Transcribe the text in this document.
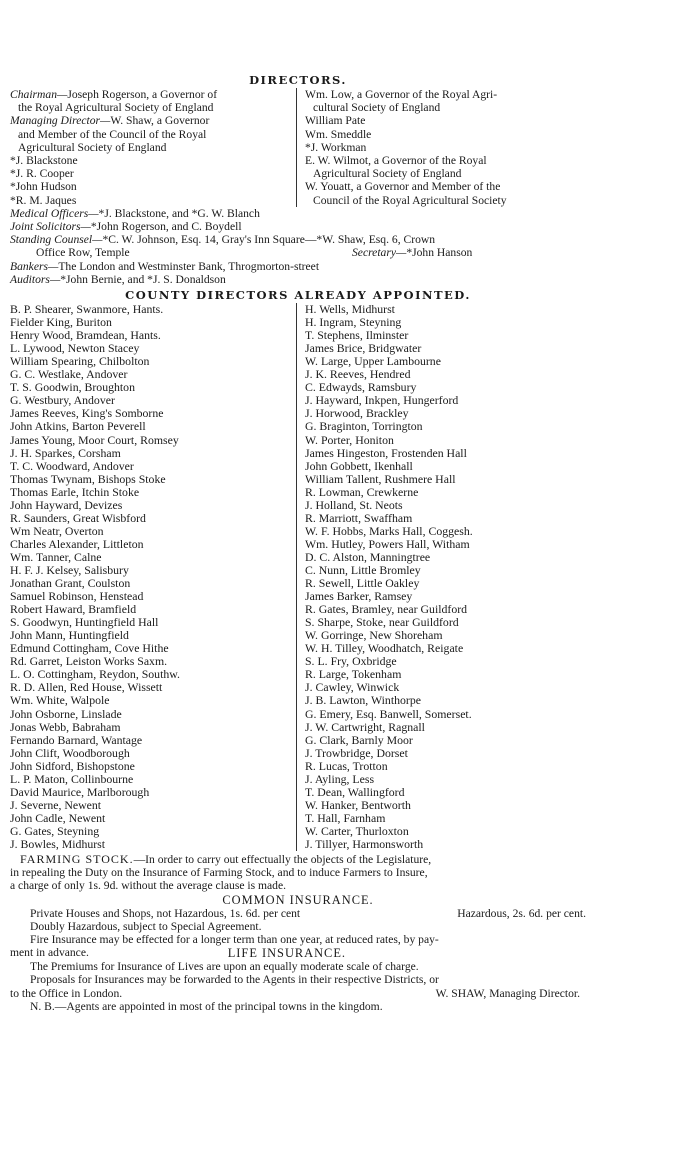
DIRECTORS.
Chairman—Joseph Rogerson, a Governor of
the Royal Agricultural Society of England
Managing Director—W. Shaw, a Governor
and Member of the Council of the Royal
Agricultural Society of England
*J. Blackstone
*J. R. Cooper
*John Hudson
*R. M. Jaques
Wm. Low, a Governor of the Royal Agri-
cultural Society of England
William Pate
Wm. Smeddle
*J. Workman
E. W. Wilmot, a Governor of the Royal
Agricultural Society of England
W. Youatt, a Governor and Member of the
Council of the Royal Agricultural Society
Medical Officers—*J. Blackstone, and *G. W. Blanch
Joint Solicitors—*John Rogerson, and C. Boydell
Standing Counsel—*C. W. Johnson, Esq. 14, Gray's Inn Square—*W. Shaw, Esq. 6, Crown
Office Row, Temple	Secretary—*John Hanson
Bankers—The London and Westminster Bank, Throgmorton-street
Auditors—*John Bernie, and *J. S. Donaldson
COUNTY DIRECTORS ALREADY APPOINTED.
B. P. Shearer, Swanmore, Hants.
Fielder King, Buriton
Henry Wood, Bramdean, Hants.
L. Lywood, Newton Stacey
William Spearing, Chilbolton
G. C. Westlake, Andover
T. S. Goodwin, Broughton
G. Westbury, Andover
James Reeves, King's Somborne
John Atkins, Barton Peverell
James Young, Moor Court, Romsey
J. H. Sparkes, Corsham
T. C. Woodward, Andover
Thomas Twynam, Bishops Stoke
Thomas Earle, Itchin Stoke
John Hayward, Devizes
R. Saunders, Great Wisbford
Wm Neatr, Overton
Charles Alexander, Littleton
Wm. Tanner, Calne
H. F. J. Kelsey, Salisbury
Jonathan Grant, Coulston
Samuel Robinson, Henstead
Robert Haward, Bramfield
S. Goodwyn, Huntingfield Hall
John Mann, Huntingfield
Edmund Cottingham, Cove Hithe
Rd. Garret, Leiston Works Saxm.
L. O. Cottingham, Reydon, Southw.
R. D. Allen, Red House, Wissett
Wm. White, Walpole
John Osborne, Linslade
Jonas Webb, Babraham
Fernando Barnard, Wantage
John Clift, Woodborough
John Sidford, Bishopstone
L. P. Maton, Collinbourne
David Maurice, Marlborough
J. Severne, Newent
John Cadle, Newent
G. Gates, Steyning
J. Bowles, Midhurst
H. Wells, Midhurst
H. Ingram, Steyning
T. Stephens, Ilminster
James Brice, Bridgwater
W. Large, Upper Lambourne
J. K. Reeves, Hendred
C. Edwayds, Ramsbury
J. Hayward, Inkpen, Hungerford
J. Horwood, Brackley
G. Braginton, Torrington
W. Porter, Honiton
James Hingeston, Frostenden Hall
John Gobbett, Ikenhall
William Tallent, Rushmere Hall
R. Lowman, Crewkerne
J. Holland, St. Neots
R. Marriott, Swaffham
W. F. Hobbs, Marks Hall, Coggesh.
Wm. Hutley, Powers Hall, Witham
D. C. Alston, Manningtree
C. Nunn, Little Bromley
R. Sewell, Little Oakley
James Barker, Ramsey
R. Gates, Bramley, near Guildford
S. Sharpe, Stoke, near Guildford
W. Gorringe, New Shoreham
W. H. Tilley, Woodhatch, Reigate
S. L. Fry, Oxbridge
R. Large, Tokenham
J. Cawley, Winwick
J. B. Lawton, Winthorpe
G. Emery, Esq. Banwell, Somerset.
J. W. Cartwright, Ragnall
G. Clark, Barnly Moor
J. Trowbridge, Dorset
R. Lucas, Trotton
J. Ayling, Less
T. Dean, Wallingford
W. Hanker, Bentworth
T. Hall, Farnham
W. Carter, Thurloxton
J. Tillyer, Harmonsworth
FARMING STOCK.—In order to carry out effectually the objects of the Legislature,
in repealing the Duty on the Insurance of Farming Stock, and to induce Farmers to Insure,
a charge of only 1s. 9d. without the average clause is made.
COMMON INSURANCE.
Private Houses and Shops, not Hazardous, 1s. 6d. per cent	Hazardous, 2s. 6d. per cent.
Doubly Hazardous, subject to Special Agreement.
Fire Insurance may be effected for a longer term than one year, at reduced rates, by pay-
ment in advance.	LIFE INSURANCE.
The Premiums for Insurance of Lives are upon an equally moderate scale of charge.
Proposals for Insurances may be forwarded to the Agents in their respective Districts, or
to the Office in London.	W. SHAW, Managing Director.
N. B.—Agents are appointed in most of the principal towns in the kingdom.
